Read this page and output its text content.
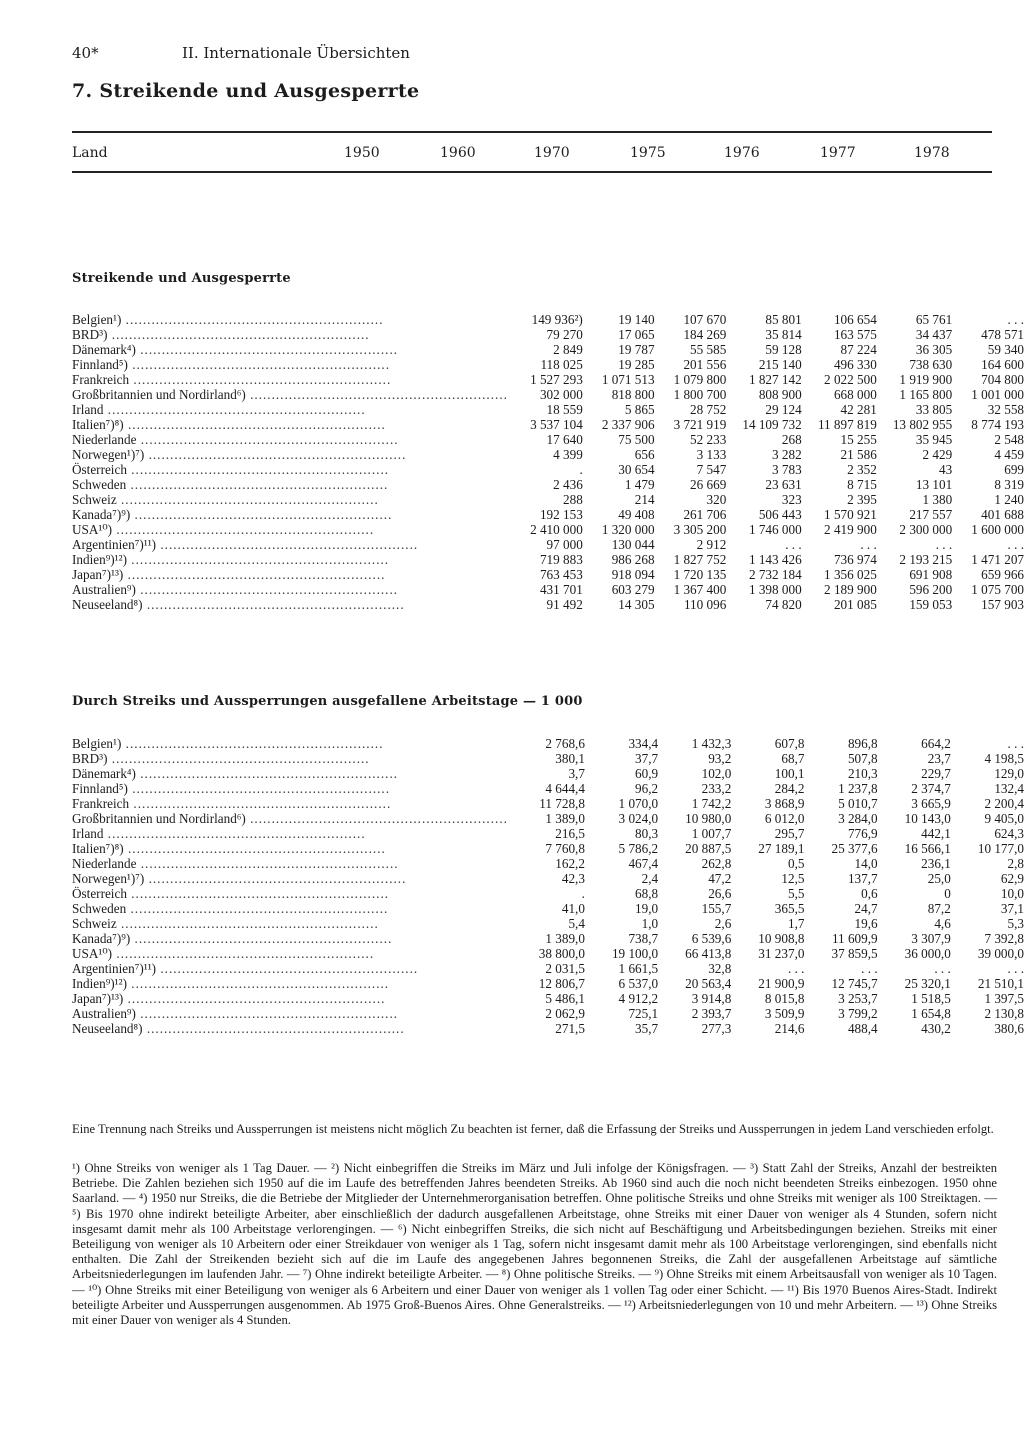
40*	II. Internationale Übersichten
7. Streikende und Ausgesperrte
Land	1950	1960	1970	1975	1976	1977	1978
Streikende und Ausgesperrte
Belgien¹) ............................................................	149 936²)	19 140	107 670	85 801	106 654	65 761	. . .
BRD³) ............................................................	79 270	17 065	184 269	35 814	163 575	34 437	478 571
Dänemark⁴) ............................................................	2 849	19 787	55 585	59 128	87 224	36 305	59 340
Finnland⁵) ............................................................	118 025	19 285	201 556	215 140	496 330	738 630	164 600
Frankreich ............................................................	1 527 293	1 071 513	1 079 800	1 827 142	2 022 500	1 919 900	704 800
Großbritannien und Nordirland⁶) ............................................................	302 000	818 800	1 800 700	808 900	668 000	1 165 800	1 001 000
Irland ............................................................	18 559	5 865	28 752	29 124	42 281	33 805	32 558
Italien⁷)⁸) ............................................................	3 537 104	2 337 906	3 721 919	14 109 732	11 897 819	13 802 955	8 774 193
Niederlande ............................................................	17 640	75 500	52 233	268	15 255	35 945	2 548
Norwegen¹)⁷) ............................................................	4 399	656	3 133	3 282	21 586	2 429	4 459
Österreich ............................................................	.	30 654	7 547	3 783	2 352	43	699
Schweden ............................................................	2 436	1 479	26 669	23 631	8 715	13 101	8 319
Schweiz ............................................................	288	214	320	323	2 395	1 380	1 240
Kanada⁷)⁹) ............................................................	192 153	49 408	261 706	506 443	1 570 921	217 557	401 688
USA¹⁰) ............................................................	2 410 000	1 320 000	3 305 200	1 746 000	2 419 900	2 300 000	1 600 000
Argentinien⁷)¹¹) ............................................................	97 000	130 044	2 912	. . .	. . .	. . .	. . .
Indien⁹)¹²) ............................................................	719 883	986 268	1 827 752	1 143 426	736 974	2 193 215	1 471 207
Japan⁷)¹³) ............................................................	763 453	918 094	1 720 135	2 732 184	1 356 025	691 908	659 966
Australien⁹) ............................................................	431 701	603 279	1 367 400	1 398 000	2 189 900	596 200	1 075 700
Neuseeland⁸) ............................................................	91 492	14 305	110 096	74 820	201 085	159 053	157 903
Durch Streiks und Aussperrungen ausgefallene Arbeitstage — 1 000
Belgien¹) ............................................................	2 768,6	334,4	1 432,3	607,8	896,8	664,2	. . .
BRD³) ............................................................	380,1	37,7	93,2	68,7	507,8	23,7	4 198,5
Dänemark⁴) ............................................................	3,7	60,9	102,0	100,1	210,3	229,7	129,0
Finnland⁵) ............................................................	4 644,4	96,2	233,2	284,2	1 237,8	2 374,7	132,4
Frankreich ............................................................	11 728,8	1 070,0	1 742,2	3 868,9	5 010,7	3 665,9	2 200,4
Großbritannien und Nordirland⁶) ............................................................	1 389,0	3 024,0	10 980,0	6 012,0	3 284,0	10 143,0	9 405,0
Irland ............................................................	216,5	80,3	1 007,7	295,7	776,9	442,1	624,3
Italien⁷)⁸) ............................................................	7 760,8	5 786,2	20 887,5	27 189,1	25 377,6	16 566,1	10 177,0
Niederlande ............................................................	162,2	467,4	262,8	0,5	14,0	236,1	2,8
Norwegen¹)⁷) ............................................................	42,3	2,4	47,2	12,5	137,7	25,0	62,9
Österreich ............................................................	.	68,8	26,6	5,5	0,6	0	10,0
Schweden ............................................................	41,0	19,0	155,7	365,5	24,7	87,2	37,1
Schweiz ............................................................	5,4	1,0	2,6	1,7	19,6	4,6	5,3
Kanada⁷)⁹) ............................................................	1 389,0	738,7	6 539,6	10 908,8	11 609,9	3 307,9	7 392,8
USA¹⁰) ............................................................	38 800,0	19 100,0	66 413,8	31 237,0	37 859,5	36 000,0	39 000,0
Argentinien⁷)¹¹) ............................................................	2 031,5	1 661,5	32,8	. . .	. . .	. . .	. . .
Indien⁹)¹²) ............................................................	12 806,7	6 537,0	20 563,4	21 900,9	12 745,7	25 320,1	21 510,1
Japan⁷)¹³) ............................................................	5 486,1	4 912,2	3 914,8	8 015,8	3 253,7	1 518,5	1 397,5
Australien⁹) ............................................................	2 062,9	725,1	2 393,7	3 509,9	3 799,2	1 654,8	2 130,8
Neuseeland⁸) ............................................................	271,5	35,7	277,3	214,6	488,4	430,2	380,6
Eine Trennung nach Streiks und Aussperrungen ist meistens nicht möglich Zu beachten ist ferner, daß die Erfassung der Streiks und Aussperrungen in jedem Land verschieden erfolgt.
¹) Ohne Streiks von weniger als 1 Tag Dauer. — ²) Nicht einbegriffen die Streiks im März und Juli infolge der Königsfragen. — ³) Statt Zahl der Streiks, Anzahl der bestreikten Betriebe. Die Zahlen beziehen sich 1950 auf die im Laufe des betreffenden Jahres beendeten Streiks. Ab 1960 sind auch die noch nicht beendeten Streiks einbezogen. 1950 ohne Saarland. — ⁴) 1950 nur Streiks, die die Betriebe der Mitglieder der Unternehmerorganisation betreffen. Ohne politische Streiks und ohne Streiks mit weniger als 100 Streiktagen. — ⁵) Bis 1970 ohne indirekt beteiligte Arbeiter, aber einschließlich der dadurch ausgefallenen Arbeitstage, ohne Streiks mit einer Dauer von weniger als 4 Stunden, sofern nicht insgesamt damit mehr als 100 Arbeitstage verlorengingen. — ⁶) Nicht einbegriffen Streiks, die sich nicht auf Beschäftigung und Arbeitsbedingungen beziehen. Streiks mit einer Beteiligung von weniger als 10 Arbeitern oder einer Streikdauer von weniger als 1 Tag, sofern nicht insgesamt damit mehr als 100 Arbeitstage verlorengingen, sind ebenfalls nicht enthalten. Die Zahl der Streikenden bezieht sich auf die im Laufe des angegebenen Jahres begonnenen Streiks, die Zahl der ausgefallenen Arbeitstage auf sämtliche Arbeitsniederlegungen im laufenden Jahr. — ⁷) Ohne indirekt beteiligte Arbeiter. — ⁸) Ohne politische Streiks. — ⁹) Ohne Streiks mit einem Arbeitsausfall von weniger als 10 Tagen. — ¹⁰) Ohne Streiks mit einer Beteiligung von weniger als 6 Arbeitern und einer Dauer von weniger als 1 vollen Tag oder einer Schicht. — ¹¹) Bis 1970 Buenos Aires-Stadt. Indirekt beteiligte Arbeiter und Aussperrungen ausgenommen. Ab 1975 Groß-Buenos Aires. Ohne Generalstreiks. — ¹²) Arbeitsniederlegungen von 10 und mehr Arbeitern. — ¹³) Ohne Streiks mit einer Dauer von weniger als 4 Stunden.
